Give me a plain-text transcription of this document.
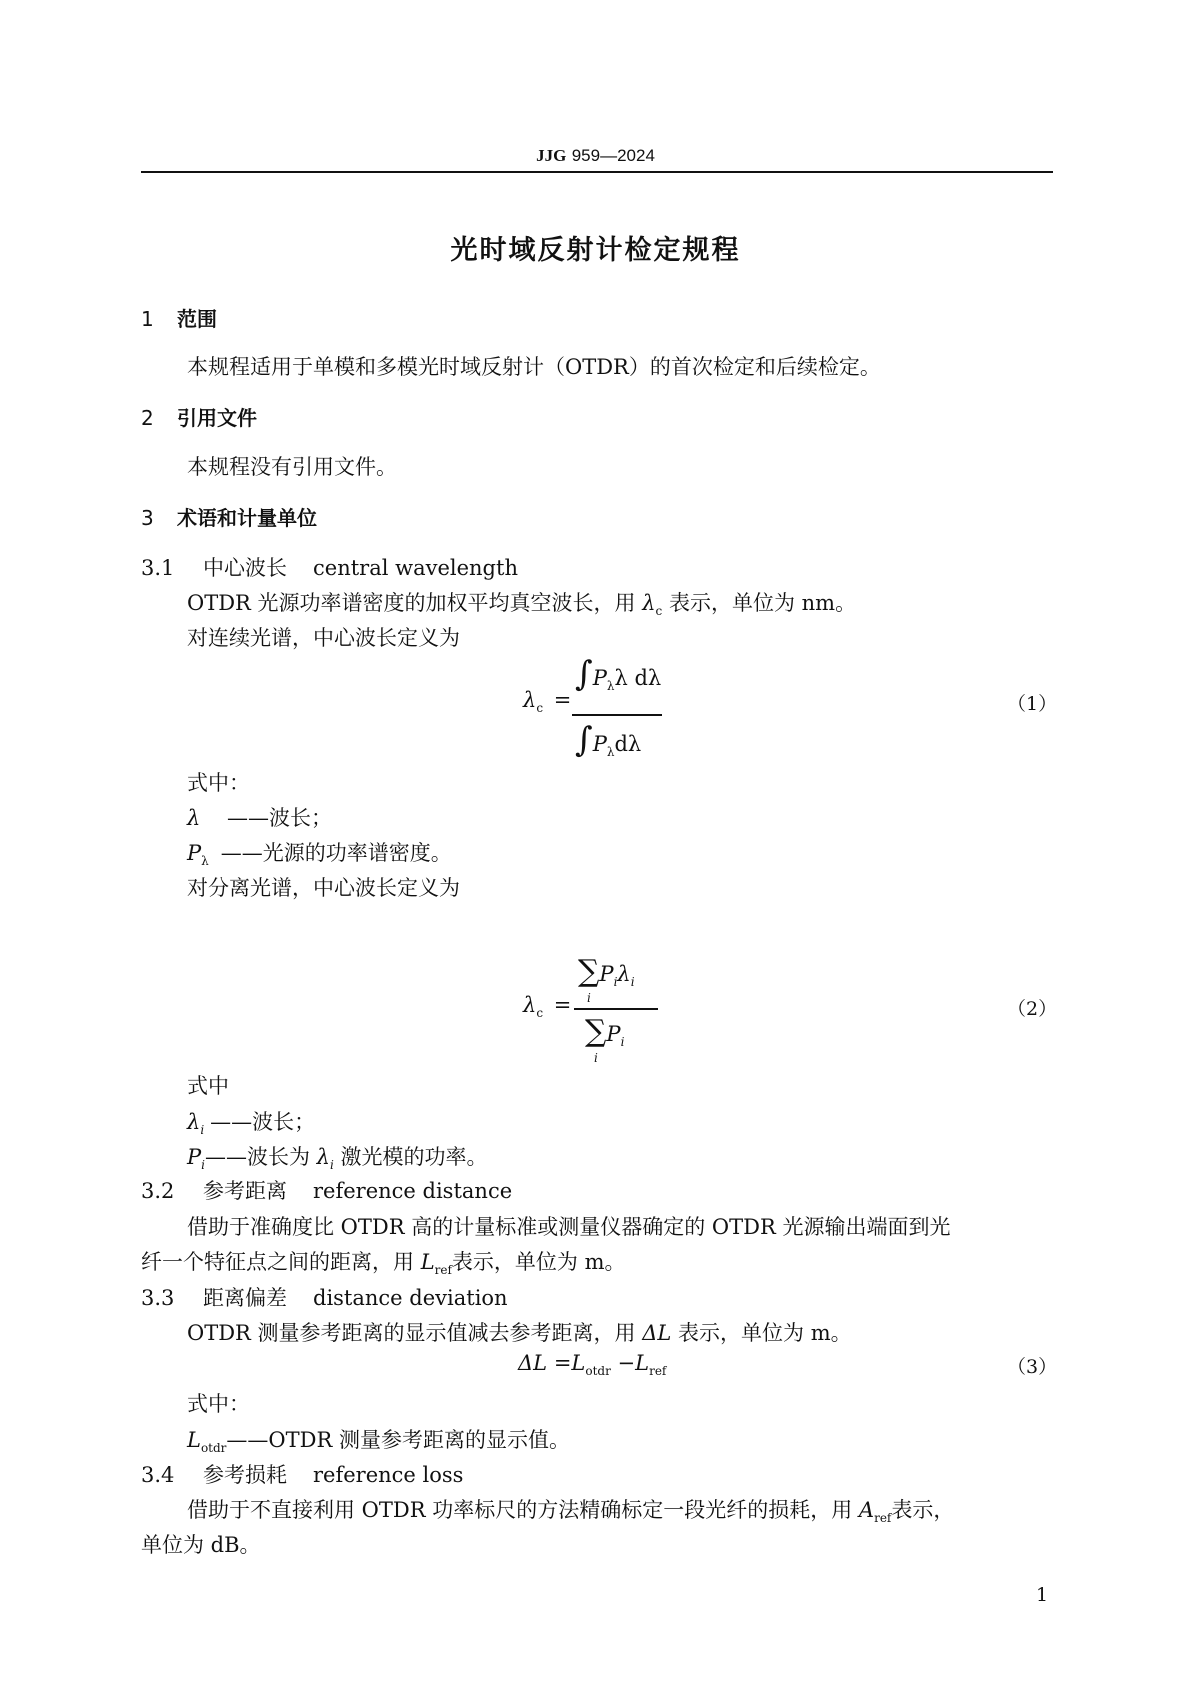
JJG 959—2024
光时域反射计检定规程
1 范围
本规程适用于单模和多模光时域反射计（OTDR）的首次检定和后续检定。
2 引用文件
本规程没有引用文件。
3 术语和计量单位
3.1 中心波长 central wavelength
OTDR 光源功率谱密度的加权平均真空波长，用 $\lambda_c$ 表示，单位为 nm。
对连续光谱，中心波长定义为
$\lambda_c$ =
$\int P_\lambda\lambda$ dλ
$\int P_\lambda d\lambda$
（1）
式中：
λ ——波长；
$P_\lambda$ ——光源的功率谱密度。
对分离光谱，中心波长定义为
$\lambda_c$ =
$\sum P_i\lambda_i$
i
$\sum P_i$
i
（2）
式中
$\lambda_i$ ——波长；
$P_i——$波长为 $\lambda_i$ 激光模的功率。
3.2 参考距离 reference distance
借助于准确度比 OTDR 高的计量标准或测量仪器确定的 OTDR 光源输出端面到光
纤一个特征点之间的距离，用 $L_{ref}$表示，单位为 m。
3.3 距离偏差 distance deviation
OTDR 测量参考距离的显示值减去参考距离，用 ΔL 表示，单位为 m。
$\Delta L =L_{otdr} -L_{ref}$	（3）
式中：
$L_{otdr}——OTDR$ 测量参考距离的显示值。
3.4 参考损耗 reference loss
借助于不直接利用 OTDR 功率标尺的方法精确标定一段光纤的损耗，用 $A_{ref}$表示，
单位为 dB。
1
